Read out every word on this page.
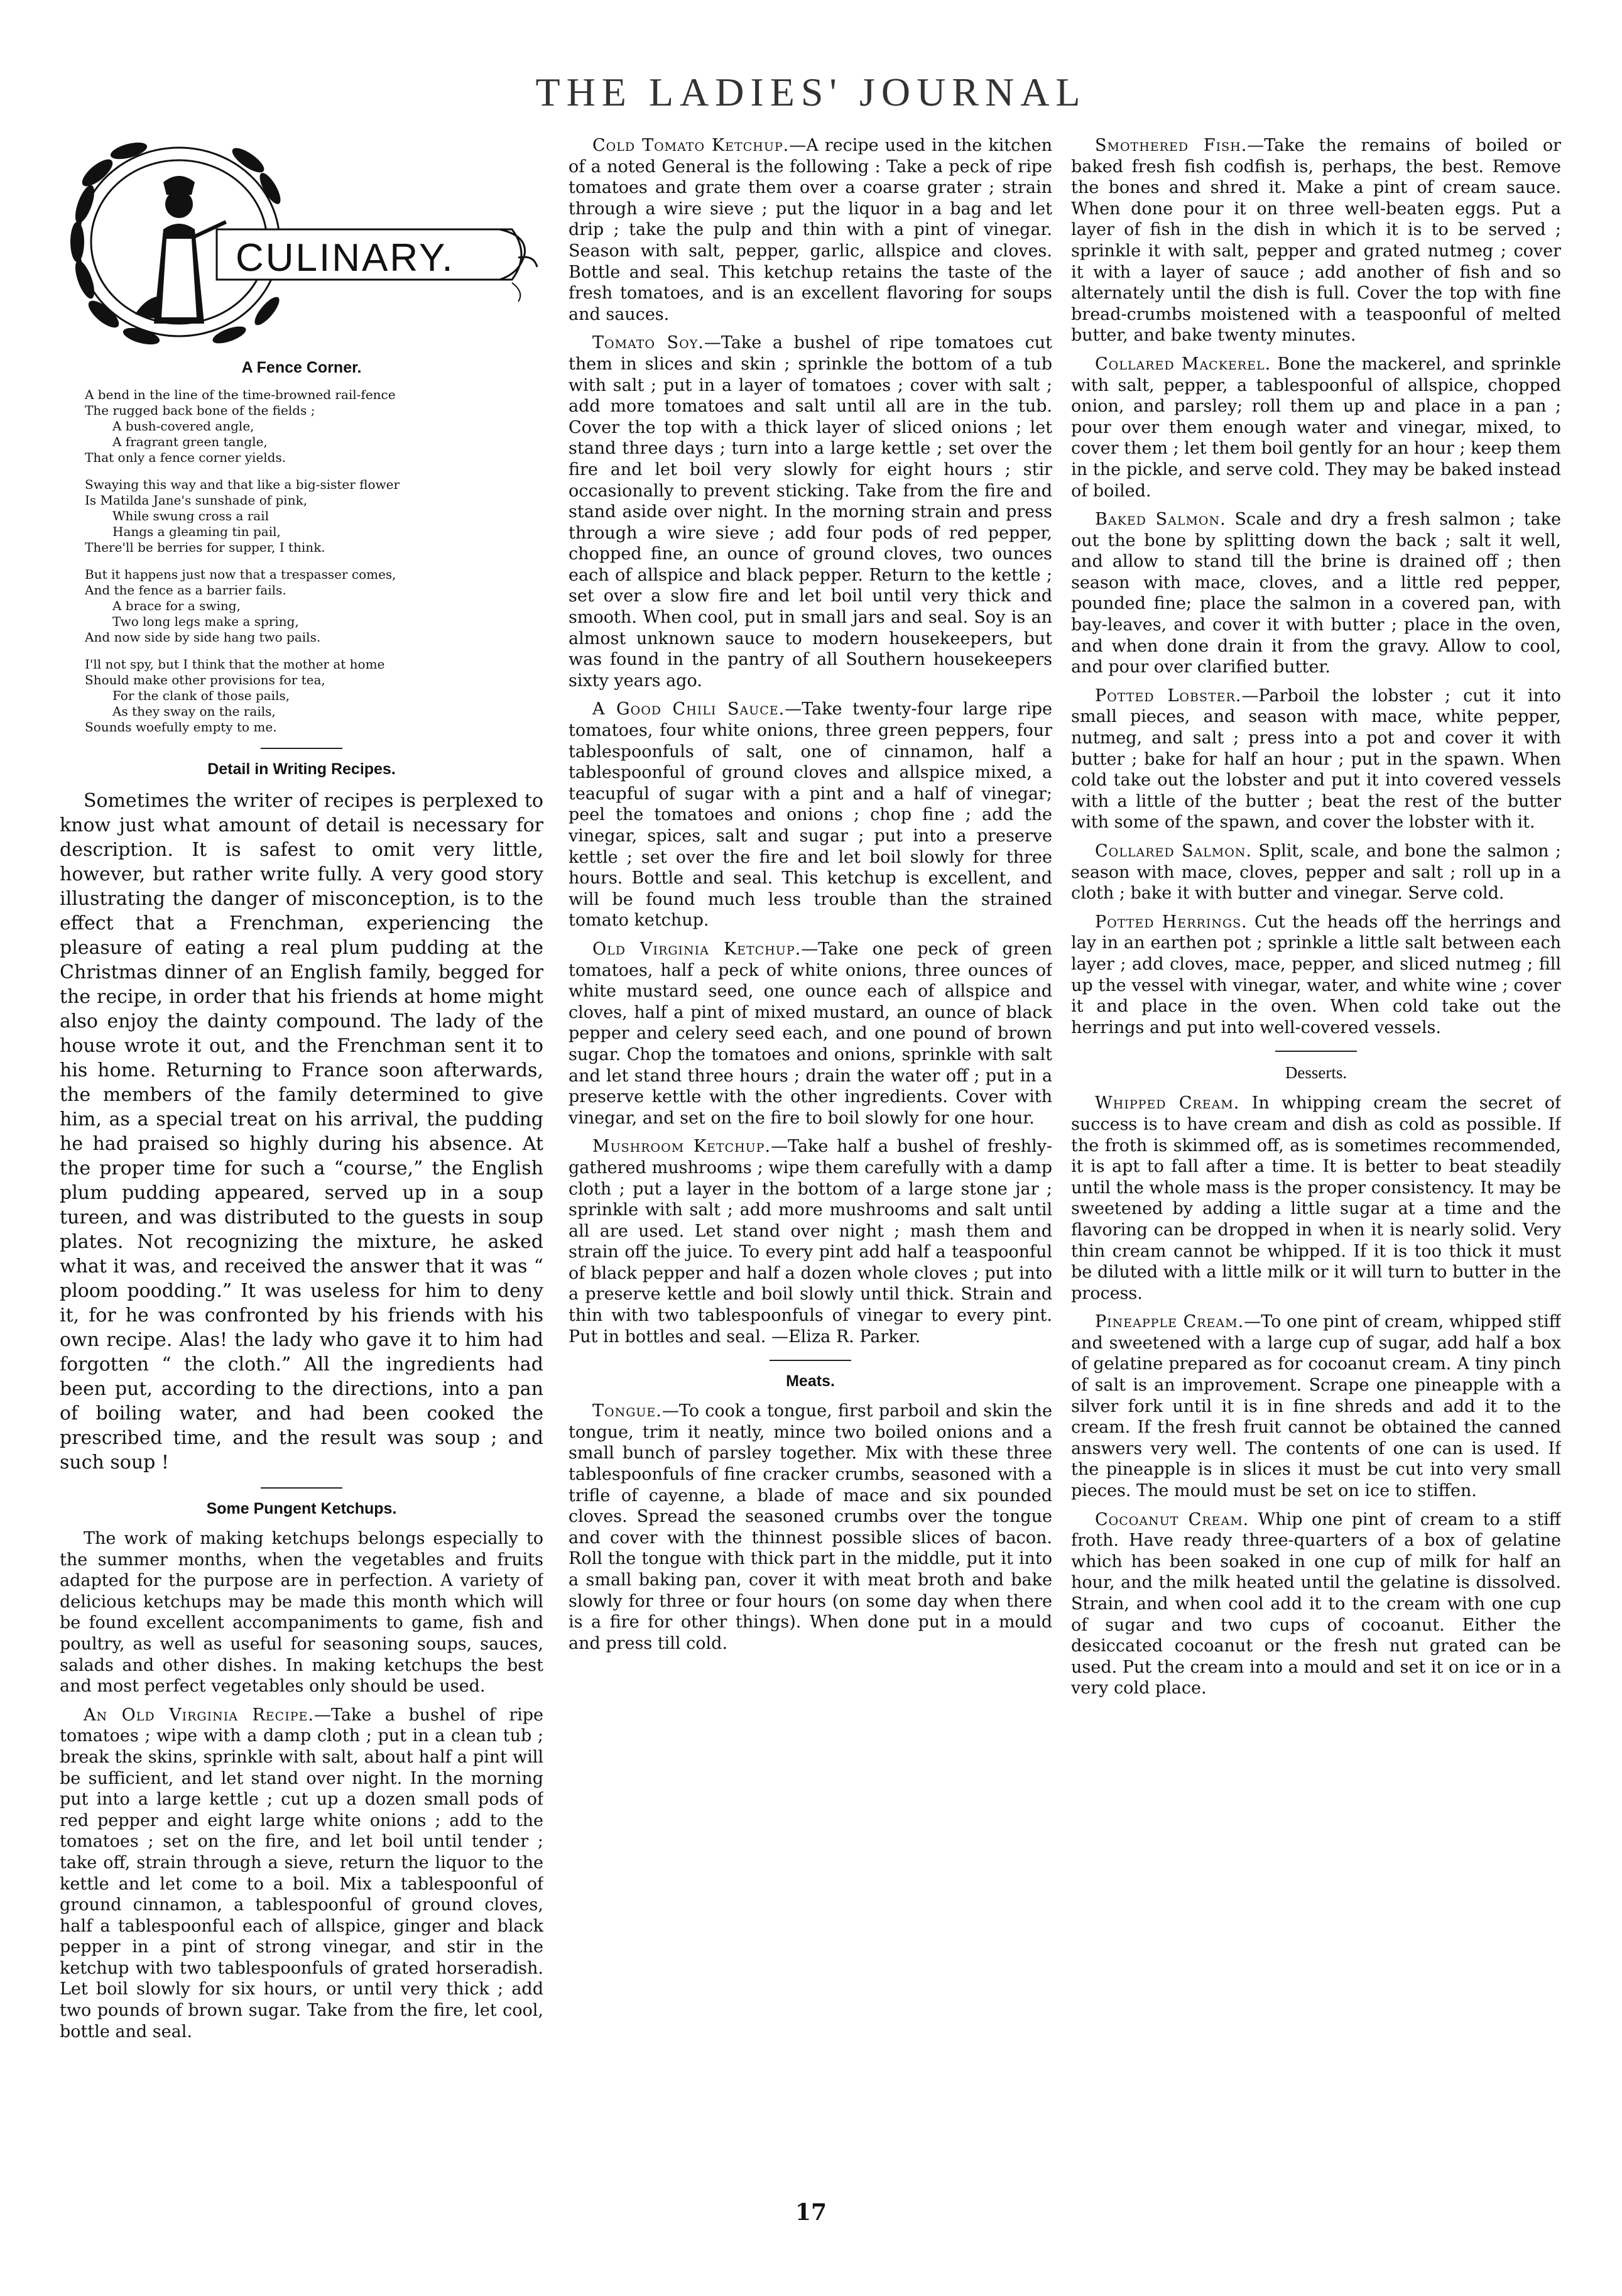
THE LADIES' JOURNAL
CULINARY.
A Fence Corner.
A bend in the line of the time-browned rail-fence
The rugged back bone of the fields ;
A bush-covered angle,
A fragrant green tangle,
That only a fence corner yields.
Swaying this way and that like a big-sister flower
Is Matilda Jane's sunshade of pink,
While swung cross a rail
Hangs a gleaming tin pail,
There'll be berries for supper, I think.
But it happens just now that a trespasser comes,
And the fence as a barrier fails.
A brace for a swing,
Two long legs make a spring,
And now side by side hang two pails.
I'll not spy, but I think that the mother at home
Should make other provisions for tea,
For the clank of those pails,
As they sway on the rails,
Sounds woefully empty to me.
Detail in Writing Recipes.

Sometimes the writer of recipes is perplexed to know just what amount of detail is necessary for description. It is safest to omit very little, however, but rather write fully. A very good story illustrating the danger of misconception, is to the effect that a Frenchman, experiencing the pleasure of eating a real plum pudding at the Christmas dinner of an English family, begged for the recipe, in order that his friends at home might also enjoy the dainty compound. The lady of the house wrote it out, and the Frenchman sent it to his home. Returning to France soon afterwards, the members of the family determined to give him, as a special treat on his arrival, the pudding he had praised so highly during his absence. At the proper time for such a “course,” the English plum pudding appeared, served up in a soup tureen, and was distributed to the guests in soup plates. Not recognizing the mixture, he asked what it was, and received the answer that it was “ ploom poodding.” It was useless for him to deny it, for he was confronted by his friends with his own recipe. Alas! the lady who gave it to him had forgotten “ the cloth.” All the ingredients had been put, according to the directions, into a pan of boiling water, and had been cooked the prescribed time, and the result was soup ; and such soup !

Some Pungent Ketchups.

The work of making ketchups belongs especially to the summer months, when the vegetables and fruits adapted for the purpose are in perfection. A variety of delicious ketchups may be made this month which will be found excellent accompaniments to game, fish and poultry, as well as useful for seasoning soups, sauces, salads and other dishes. In making ketchups the best and most perfect vegetables only should be used.

An Old Virginia Recipe.—Take a bushel of ripe tomatoes ; wipe with a damp cloth ; put in a clean tub ; break the skins, sprinkle with salt, about half a pint will be sufficient, and let stand over night. In the morning put into a large kettle ; cut up a dozen small pods of red pepper and eight large white onions ; add to the tomatoes ; set on the fire, and let boil until tender ; take off, strain through a sieve, return the liquor to the kettle and let come to a boil. Mix a tablespoonful of ground cinnamon, a tablespoonful of ground cloves, half a tablespoonful each of allspice, ginger and black pepper in a pint of strong vinegar, and stir in the ketchup with two tablespoonfuls of grated horseradish. Let boil slowly for six hours, or until very thick ; add two pounds of brown sugar. Take from the fire, let cool, bottle and seal.

Cold Tomato Ketchup.—A recipe used in the kitchen of a noted General is the following : Take a peck of ripe tomatoes and grate them over a coarse grater ; strain through a wire sieve ; put the liquor in a bag and let drip ; take the pulp and thin with a pint of vinegar. Season with salt, pepper, garlic, allspice and cloves. Bottle and seal. This ketchup retains the taste of the fresh tomatoes, and is an excellent flavoring for soups and sauces.

Tomato Soy.—Take a bushel of ripe tomatoes cut them in slices and skin ; sprinkle the bottom of a tub with salt ; put in a layer of tomatoes ; cover with salt ; add more tomatoes and salt until all are in the tub. Cover the top with a thick layer of sliced onions ; let stand three days ; turn into a large kettle ; set over the fire and let boil very slowly for eight hours ; stir occasionally to prevent sticking. Take from the fire and stand aside over night. In the morning strain and press through a wire sieve ; add four pods of red pepper, chopped fine, an ounce of ground cloves, two ounces each of allspice and black pepper. Return to the kettle ; set over a slow fire and let boil until very thick and smooth. When cool, put in small jars and seal. Soy is an almost unknown sauce to modern housekeepers, but was found in the pantry of all Southern housekeepers sixty years ago.

A Good Chili Sauce.—Take twenty-four large ripe tomatoes, four white onions, three green peppers, four tablespoonfuls of salt, one of cinnamon, half a tablespoonful of ground cloves and allspice mixed, a teacupful of sugar with a pint and a half of vinegar; peel the tomatoes and onions ; chop fine ; add the vinegar, spices, salt and sugar ; put into a preserve kettle ; set over the fire and let boil slowly for three hours. Bottle and seal. This ketchup is excellent, and will be found much less trouble than the strained tomato ketchup.

Old Virginia Ketchup.—Take one peck of green tomatoes, half a peck of white onions, three ounces of white mustard seed, one ounce each of allspice and cloves, half a pint of mixed mustard, an ounce of black pepper and celery seed each, and one pound of brown sugar. Chop the tomatoes and onions, sprinkle with salt and let stand three hours ; drain the water off ; put in a preserve kettle with the other ingredients. Cover with vinegar, and set on the fire to boil slowly for one hour.

Mushroom Ketchup.—Take half a bushel of freshly-gathered mushrooms ; wipe them carefully with a damp cloth ; put a layer in the bottom of a large stone jar ; sprinkle with salt ; add more mushrooms and salt until all are used. Let stand over night ; mash them and strain off the juice. To every pint add half a teaspoonful of black pepper and half a dozen whole cloves ; put into a preserve kettle and boil slowly until thick. Strain and thin with two tablespoonfuls of vinegar to every pint. Put in bottles and seal. —Eliza R. Parker.

Meats.

Tongue.—To cook a tongue, first parboil and skin the tongue, trim it neatly, mince two boiled onions and a small bunch of parsley together. Mix with these three tablespoonfuls of fine cracker crumbs, seasoned with a trifle of cayenne, a blade of mace and six pounded cloves. Spread the seasoned crumbs over the tongue and cover with the thinnest possible slices of bacon. Roll the tongue with thick part in the middle, put it into a small baking pan, cover it with meat broth and bake slowly for three or four hours (on some day when there is a fire for other things). When done put in a mould and press till cold.

Smothered Fish.—Take the remains of boiled or baked fresh fish codfish is, perhaps, the best. Remove the bones and shred it. Make a pint of cream sauce. When done pour it on three well-beaten eggs. Put a layer of fish in the dish in which it is to be served ; sprinkle it with salt, pepper and grated nutmeg ; cover it with a layer of sauce ; add another of fish and so alternately until the dish is full. Cover the top with fine bread-crumbs moistened with a teaspoonful of melted butter, and bake twenty minutes.

Collared Mackerel. Bone the mackerel, and sprinkle with salt, pepper, a tablespoonful of allspice, chopped onion, and parsley; roll them up and place in a pan ; pour over them enough water and vinegar, mixed, to cover them ; let them boil gently for an hour ; keep them in the pickle, and serve cold. They may be baked instead of boiled.

Baked Salmon. Scale and dry a fresh salmon ; take out the bone by splitting down the back ; salt it well, and allow to stand till the brine is drained off ; then season with mace, cloves, and a little red pepper, pounded fine; place the salmon in a covered pan, with bay-leaves, and cover it with butter ; place in the oven, and when done drain it from the gravy. Allow to cool, and pour over clarified butter.

Potted Lobster.—Parboil the lobster ; cut it into small pieces, and season with mace, white pepper, nutmeg, and salt ; press into a pot and cover it with butter ; bake for half an hour ; put in the spawn. When cold take out the lobster and put it into covered vessels with a little of the butter ; beat the rest of the butter with some of the spawn, and cover the lobster with it.

Collared Salmon. Split, scale, and bone the salmon ; season with mace, cloves, pepper and salt ; roll up in a cloth ; bake it with butter and vinegar. Serve cold.

Potted Herrings. Cut the heads off the herrings and lay in an earthen pot ; sprinkle a little salt between each layer ; add cloves, mace, pepper, and sliced nutmeg ; fill up the vessel with vinegar, water, and white wine ; cover it and place in the oven. When cold take out the herrings and put into well-covered vessels.

Desserts.

Whipped Cream. In whipping cream the secret of success is to have cream and dish as cold as possible. If the froth is skimmed off, as is sometimes recommended, it is apt to fall after a time. It is better to beat steadily until the whole mass is the proper consistency. It may be sweetened by adding a little sugar at a time and the flavoring can be dropped in when it is nearly solid. Very thin cream cannot be whipped. If it is too thick it must be diluted with a little milk or it will turn to butter in the process.

Pineapple Cream.—To one pint of cream, whipped stiff and sweetened with a large cup of sugar, add half a box of gelatine prepared as for cocoanut cream. A tiny pinch of salt is an improvement. Scrape one pineapple with a silver fork until it is in fine shreds and add it to the cream. If the fresh fruit cannot be obtained the canned answers very well. The contents of one can is used. If the pineapple is in slices it must be cut into very small pieces. The mould must be set on ice to stiffen.

Cocoanut Cream. Whip one pint of cream to a stiff froth. Have ready three-quarters of a box of gelatine which has been soaked in one cup of milk for half an hour, and the milk heated until the gelatine is dissolved. Strain, and when cool add it to the cream with one cup of sugar and two cups of cocoanut. Either the desiccated cocoanut or the fresh nut grated can be used. Put the cream into a mould and set it on ice or in a very cold place.

17
